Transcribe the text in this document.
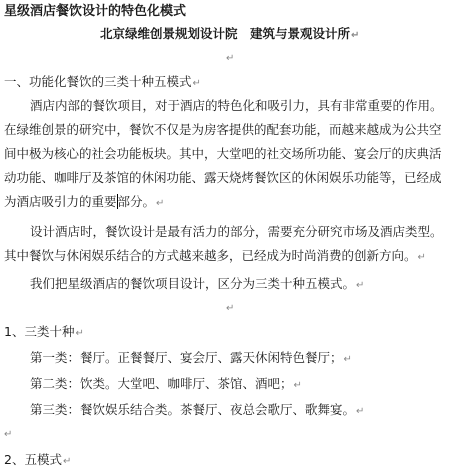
星级酒店餐饮设计的特色化模式
北京绿维创景规划设计院　建筑与景观设计所↵
↵
一、功能化餐饮的三类十种五模式↵
酒店内部的餐饮项目，对于酒店的特色化和吸引力，具有非常重要的作用。
在绿维创景的研究中，餐饮不仅是为房客提供的配套功能，而越来越成为公共空
间中极为核心的社会功能板块。其中，大堂吧的社交场所功能、宴会厅的庆典活
动功能、咖啡厅及茶馆的休闲功能、露天烧烤餐饮区的休闲娱乐功能等，已经成
为酒店吸引力的重要部分。↵
设计酒店时，餐饮设计是最有活力的部分，需要充分研究市场及酒店类型。
其中餐饮与休闲娱乐结合的方式越来越多，已经成为时尚消费的创新方向。↵
我们把星级酒店的餐饮项目设计，区分为三类十种五模式。↵
↵
1、三类十种↵
第一类：餐厅。正餐餐厅、宴会厅、露天休闲特色餐厅；↵
第二类：饮类。大堂吧、咖啡厅、茶馆、酒吧；↵
第三类：餐饮娱乐结合类。茶餐厅、夜总会歌厅、歌舞宴。↵
↵
2、五模式↵
